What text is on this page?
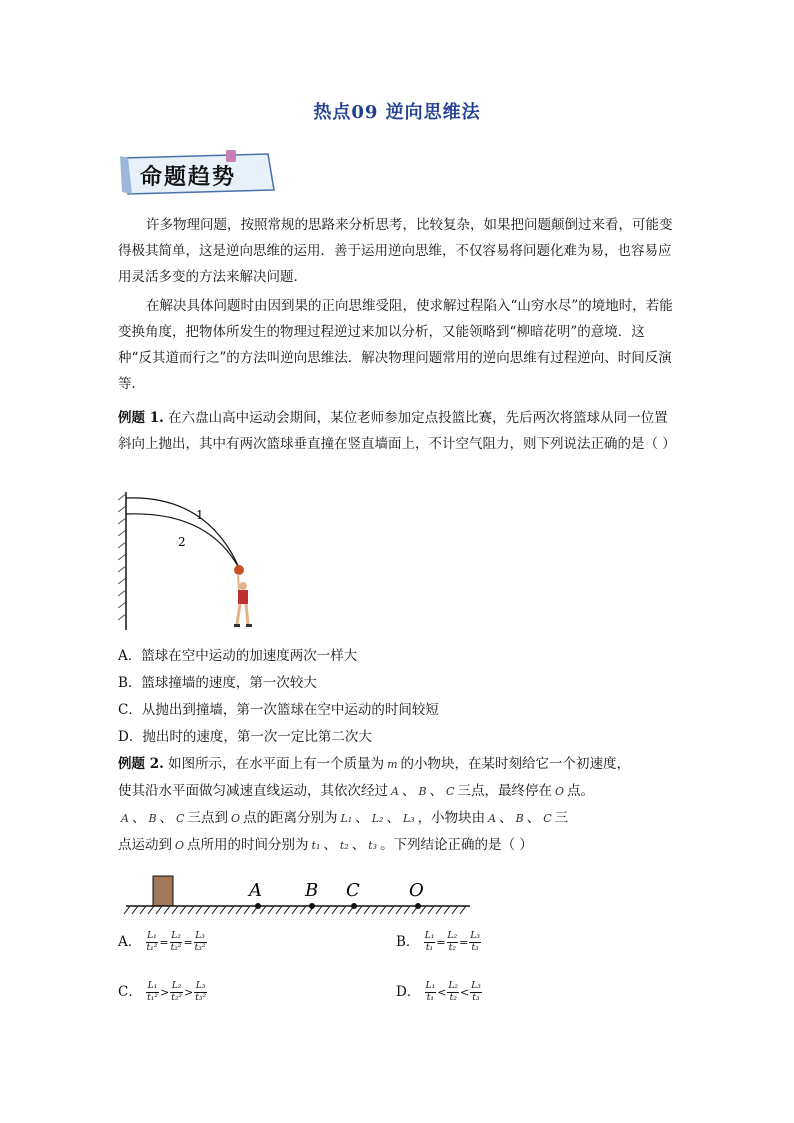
热点09 逆向思维法
命题趋势
许多物理问题，按照常规的思路来分析思考，比较复杂，如果把问题颠倒过来看，可能变得极其简单，这是逆向思维的运用．善于运用逆向思维，不仅容易将问题化难为易，也容易应用灵活多变的方法来解决问题．
在解决具体问题时由因到果的正向思维受阻，使求解过程陷入“山穷水尽”的境地时，若能变换角度，把物体所发生的物理过程逆过来加以分析，又能领略到“柳暗花明”的意境．这种“反其道而行之”的方法叫逆向思维法．解决物理问题常用的逆向思维有过程逆向、时间反演等．
例题 1. 在六盘山高中运动会期间，某位老师参加定点投篮比赛，先后两次将篮球从同一位置斜向上抛出，其中有两次篮球垂直撞在竖直墙面上，不计空气阻力，则下列说法正确的是（ ）
1
2
A．篮球在空中运动的加速度两次一样大
B．篮球撞墙的速度，第一次较大
C．从抛出到撞墙，第一次篮球在空中运动的时间较短
D．抛出时的速度，第一次一定比第二次大
例题 2. 如图所示，在水平面上有一个质量为 m 的小物块，在某时刻给它一个初速度，
使其沿水平面做匀减速直线运动，其依次经过 A 、 B 、 C 三点，最终停在 O 点。
A 、 B 、 C 三点到 O 点的距离分别为 L₁ 、 L₂ 、 L₃ ，小物块由 A 、 B 、 C 三
点运动到 O 点所用的时间分别为 t₁ 、 t₂ 、 t₃ 。下列结论正确的是（ ）
A B C	O
A． $\frac{\text{L₁}}{\text{t₁²}} = \frac{\text{L₂}}{\text{t₂²}} = \frac{\text{L₃}}{\text{t₃²}}$	B． $\frac{\text{L₁}}{\text{t₁}} = \frac{\text{L₂}}{\text{t₂}} = \frac{\text{L₃}}{\text{t₃}}$
C． $\frac{\text{L₁}}{\text{t₁²}} > \frac{\text{L₂}}{\text{t₂²}} > \frac{\text{L₃}}{\text{t₃²}}$	D． $\frac{\text{L₁}}{\text{t₁}} < \frac{\text{L₂}}{\text{t₂}} < \frac{\text{L₃}}{\text{t₃}}$
